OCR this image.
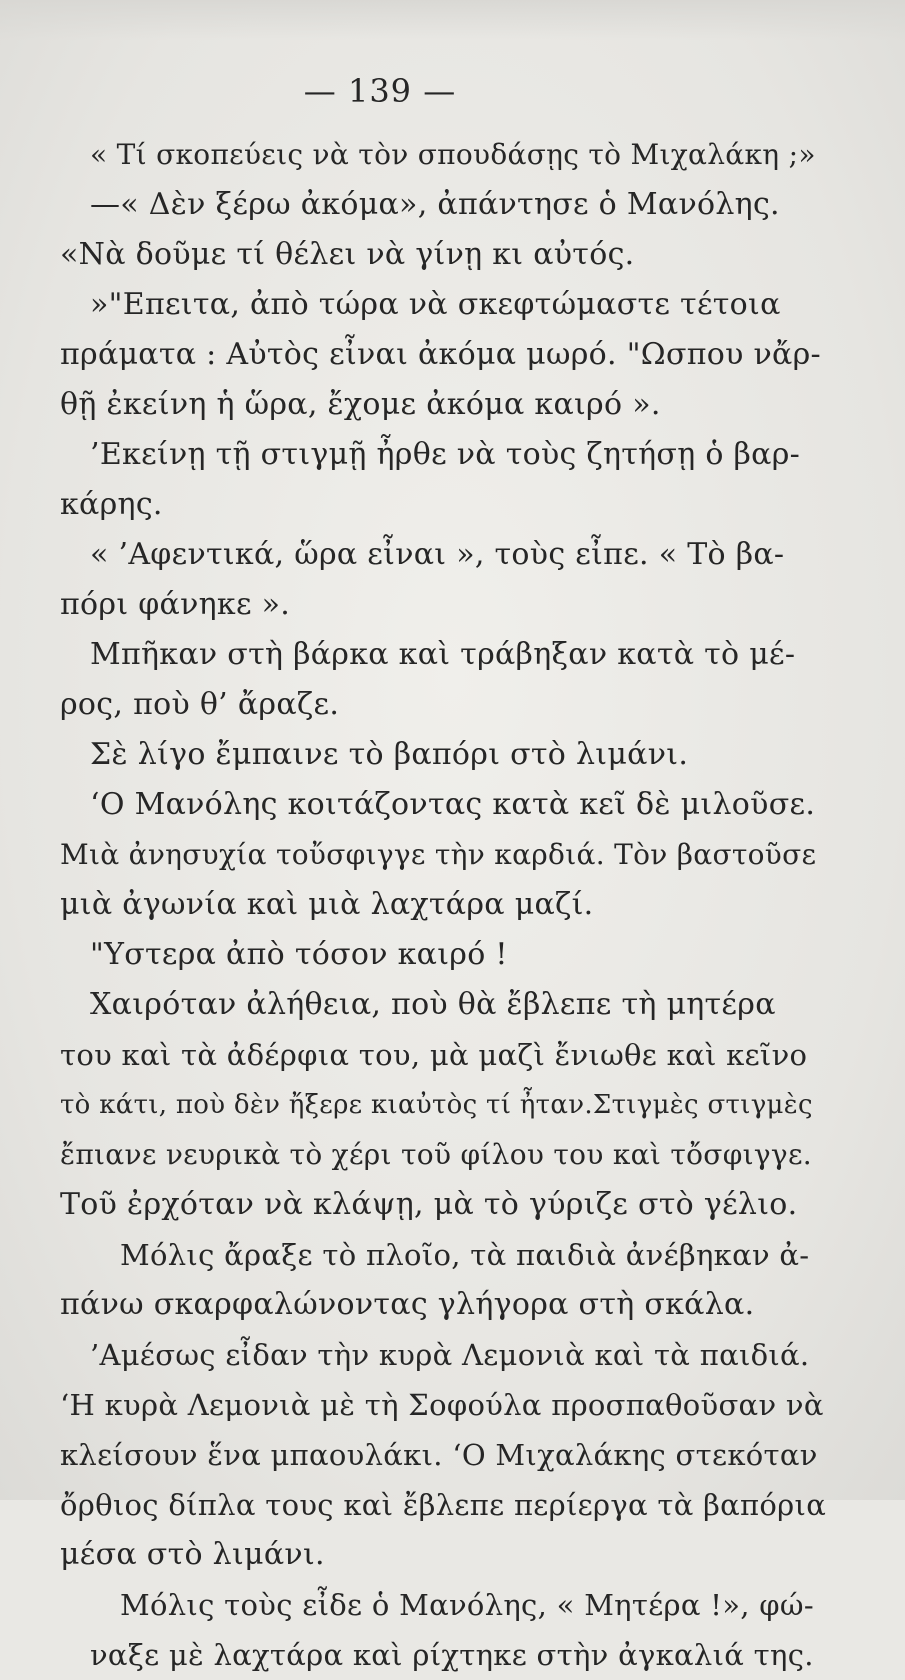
— 139 —
« Τί σκοπεύεις νὰ τὸν σπουδάσῃς τὸ Μιχαλάκη ;»
—« Δὲν ξέρω ἀκόμα», ἀπάντησε ὁ Μανόλης.
«Νὰ δοῦμε τί θέλει νὰ γίνῃ κι αὐτός.
»"Επειτα, ἀπὸ τώρα νὰ σκεφτώμαστε τέτοια
πράματα : Αὐτὸς εἶναι ἀκόμα μωρό. "Ωσπου νἄρ-
θῇ ἐκείνη ἡ ὥρα, ἔχομε ἀκόμα καιρό ».
’Εκείνῃ τῇ στιγμῇ ἦρθε νὰ τοὺς ζητήσῃ ὁ βαρ-
κάρης.
« ’Αφεντικά, ὥρα εἶναι », τοὺς εἶπε. « Τὸ βα-
πόρι φάνηκε ».
Μπῆκαν στὴ βάρκα καὶ τράβηξαν κατὰ τὸ μέ-
ρος, ποὺ θ’ ἄραζε.
Σὲ λίγο ἔμπαινε τὸ βαπόρι στὸ λιμάνι.
‘Ο Μανόλης κοιτάζοντας κατὰ κεῖ δὲ μιλοῦσε.
Μιὰ ἀνησυχία τοὔσφιγγε τὴν καρδιά. Τὸν βαστοῦσε
μιὰ ἀγωνία καὶ μιὰ λαχτάρα μαζί.
"Υστερα ἀπὸ τόσον καιρό !
Χαιρόταν ἀλήθεια, ποὺ θὰ ἔβλεπε τὴ μητέρα
του καὶ τὰ ἀδέρφια του, μὰ μαζὶ ἔνιωθε καὶ κεῖνο
τὸ κάτι, ποὺ δὲν ἤξερε κιαὐτὸς τί ἦταν.Στιγμὲς στιγμὲς
ἔπιανε νευρικὰ τὸ χέρι τοῦ φίλου του καὶ τὄσφιγγε.
Τοῦ ἐρχόταν νὰ κλάψῃ, μὰ τὸ γύριζε στὸ γέλιο.
Μόλις ἄραξε τὸ πλοῖο, τὰ παιδιὰ ἀνέβηκαν ἀ-
πάνω σκαρφαλώνοντας γλήγορα στὴ σκάλα.
’Αμέσως εἶδαν τὴν κυρὰ Λεμονιὰ καὶ τὰ παιδιά.
‘Η κυρὰ Λεμονιὰ μὲ τὴ Σοφούλα προσπαθοῦσαν νὰ
κλείσουν ἕνα μπαουλάκι. ‘Ο Μιχαλάκης στεκόταν
ὄρθιος δίπλα τους καὶ ἔβλεπε περίεργα τὰ βαπόρια
μέσα στὸ λιμάνι.
Μόλις τοὺς εἶδε ὁ Μανόλης, « Μητέρα !», φώ-
ναξε μὲ λαχτάρα καὶ ρίχτηκε στὴν ἀγκαλιά της.
